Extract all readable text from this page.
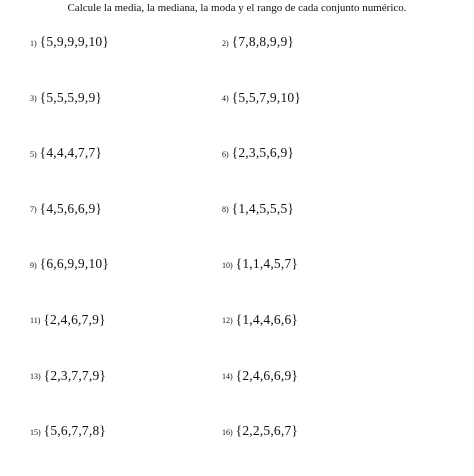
Calcule la media, la mediana, la moda y el rango de cada conjunto numérico.
1) {5,9,9,9,10}	2) {7,8,8,9,9}
3) {5,5,5,9,9}	4) {5,5,7,9,10}
5) {4,4,4,7,7}	6) {2,3,5,6,9}
7) {4,5,6,6,9}	8) {1,4,5,5,5}
9) {6,6,9,9,10}	10) {1,1,4,5,7}
11) {2,4,6,7,9}	12) {1,4,4,6,6}
13) {2,3,7,7,9}	14) {2,4,6,6,9}
15) {5,6,7,7,8}	16) {2,2,5,6,7}
